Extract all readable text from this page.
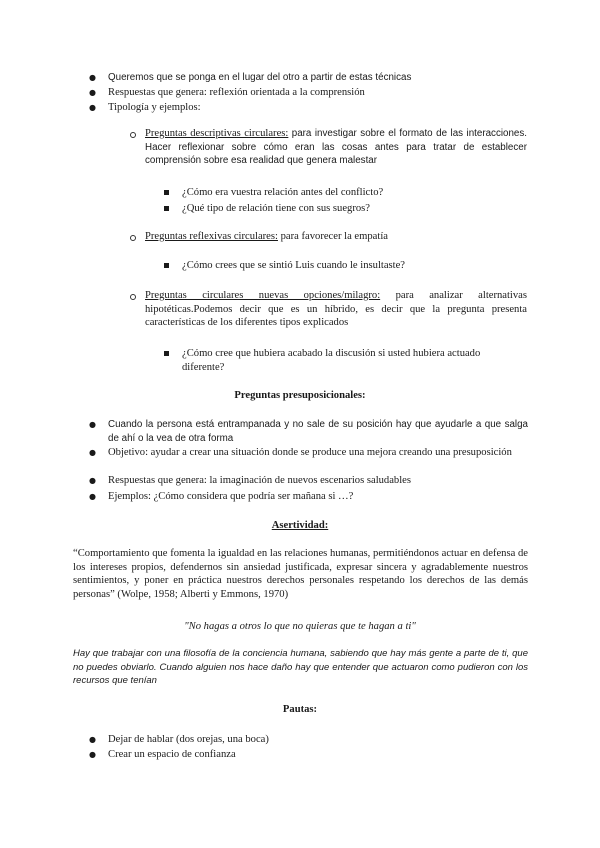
● Queremos que se ponga en el lugar del otro a partir de estas técnicas
● Respuestas que genera: reflexión orientada a la comprensión
● Tipología y ejemplos:
Preguntas descriptivas circulares: para investigar sobre el formato de las interacciones. Hacer reflexionar sobre cómo eran las cosas antes para tratar de establecer comprensión sobre esa realidad que genera malestar
¿Cómo era vuestra relación antes del conflicto?
¿Qué tipo de relación tiene con sus suegros?
Preguntas reflexivas circulares: para favorecer la empatía
¿Cómo crees que se sintió Luis cuando le insultaste?
Preguntas circulares nuevas opciones/milagro: para analizar alternativas hipotéticas.Podemos decir que es un híbrido, es decir que la pregunta presenta características de los diferentes tipos explicados
¿Cómo cree que hubiera acabado la discusión si usted hubiera actuado diferente?
Preguntas presuposicionales:
● Cuando la persona está entrampanada y no sale de su posición hay que ayudarle a que salga de ahí o la vea de otra forma
● Objetivo: ayudar a crear una situación donde se produce una mejora creando una presuposición
● Respuestas que genera: la imaginación de nuevos escenarios saludables
● Ejemplos: ¿Cómo considera que podría ser mañana si …?
Asertividad:
“Comportamiento que fomenta la igualdad en las relaciones humanas, permitiéndonos actuar en defensa de los intereses propios, defendernos sin ansiedad justificada, expresar sincera y agradablemente nuestros sentimientos, y poner en práctica nuestros derechos personales respetando los derechos de las demás personas” (Wolpe, 1958; Alberti y Emmons, 1970)
"No hagas a otros lo que no quieras que te hagan a ti"
Hay que trabajar con una filosofía de la conciencia humana, sabiendo que hay más gente a parte de ti, que no puedes obviarlo. Cuando alguien nos hace daño hay que entender que actuaron como pudieron con los recursos que tenían
Pautas:
● Dejar de hablar (dos orejas, una boca)
● Crear un espacio de confianza
